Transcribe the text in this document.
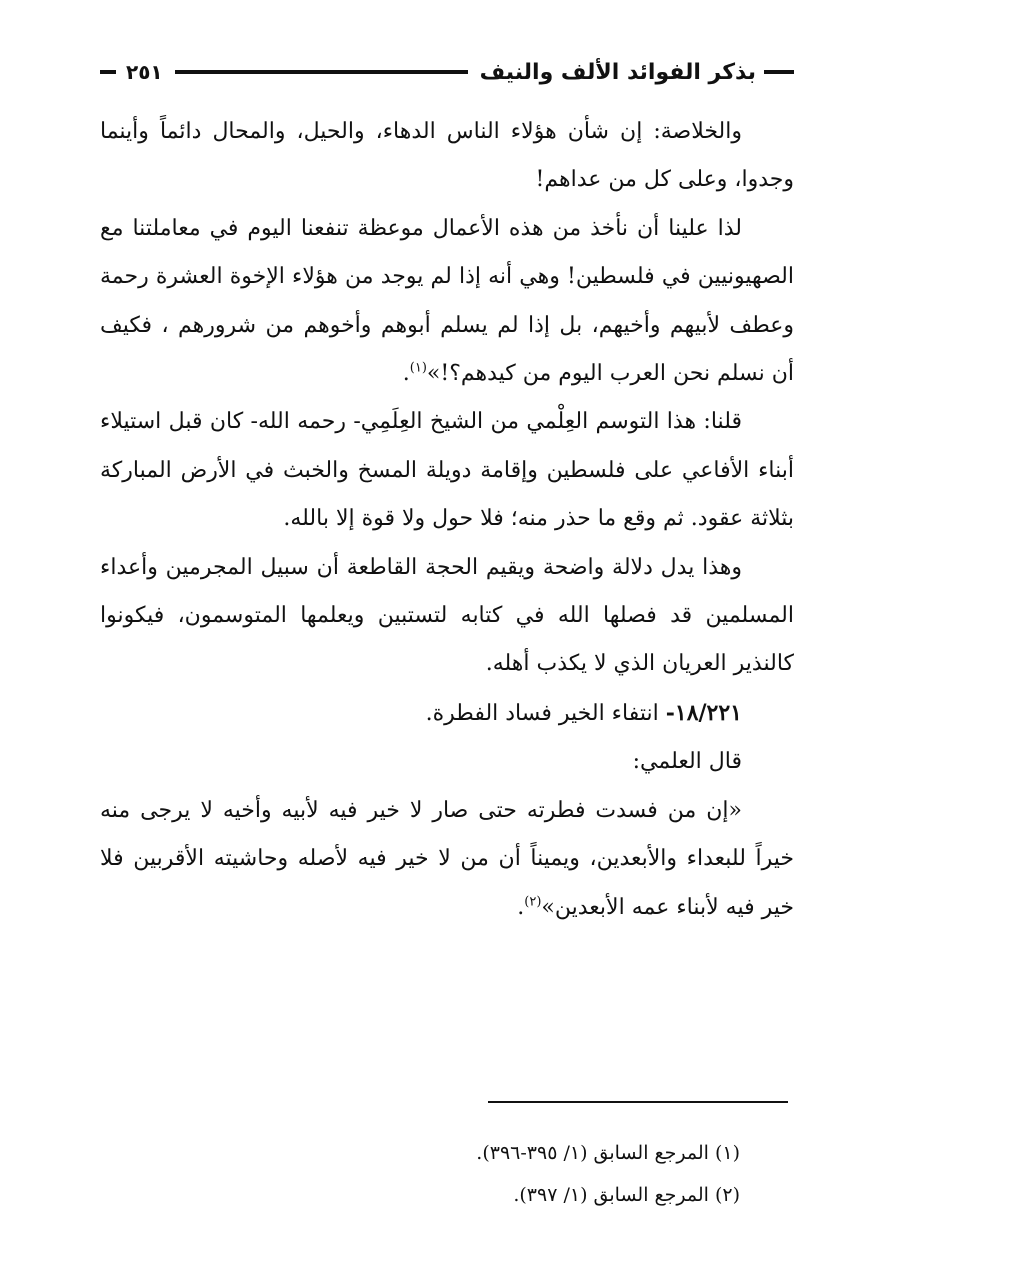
بذكر الفوائد الألف والنيف
٢٥١

والخلاصة: إن شأن هؤلاء الناس الدهاء، والحيل، والمحال دائماً وأينما وجدوا، وعلى كل من عداهم!

لذا علينا أن نأخذ من هذه الأعمال موعظة تنفعنا اليوم في معاملتنا مع الصهيونيين في فلسطين! وهي أنه إذا لم يوجد من هؤلاء الإخوة العشرة رحمة وعطف لأبيهم وأخيهم، بل إذا لم يسلم أبوهم وأخوهم من شرورهم ، فكيف أن نسلم نحن العرب اليوم من كيدهم؟!»$^{(١)}$.

قلنا: هذا التوسم العِلْمي من الشيخ العِلَمِي- رحمه الله- كان قبل استيلاء أبناء الأفاعي على فلسطين وإقامة دويلة المسخ والخبث في الأرض المباركة بثلاثة عقود. ثم وقع ما حذر منه؛ فلا حول ولا قوة إلا بالله.

وهذا يدل دلالة واضحة ويقيم الحجة القاطعة أن سبيل المجرمين وأعداء المسلمين قد فصلها الله في كتابه لتستبين ويعلمها المتوسمون، فيكونوا كالنذير العريان الذي لا يكذب أهله.

١٨/٢٢١- انتفاء الخير فساد الفطرة.

قال العلمي:

«إن من فسدت فطرته حتى صار لا خير فيه لأبيه وأخيه لا يرجى منه خيراً للبعداء والأبعدين، ويميناً أن من لا خير فيه لأصله وحاشيته الأقربين فلا خير فيه لأبناء عمه الأبعدين»$^{(٢)}$.

(١) المرجع السابق (١/ ٣٩٥-٣٩٦).

(٢) المرجع السابق (١/ ٣٩٧).
